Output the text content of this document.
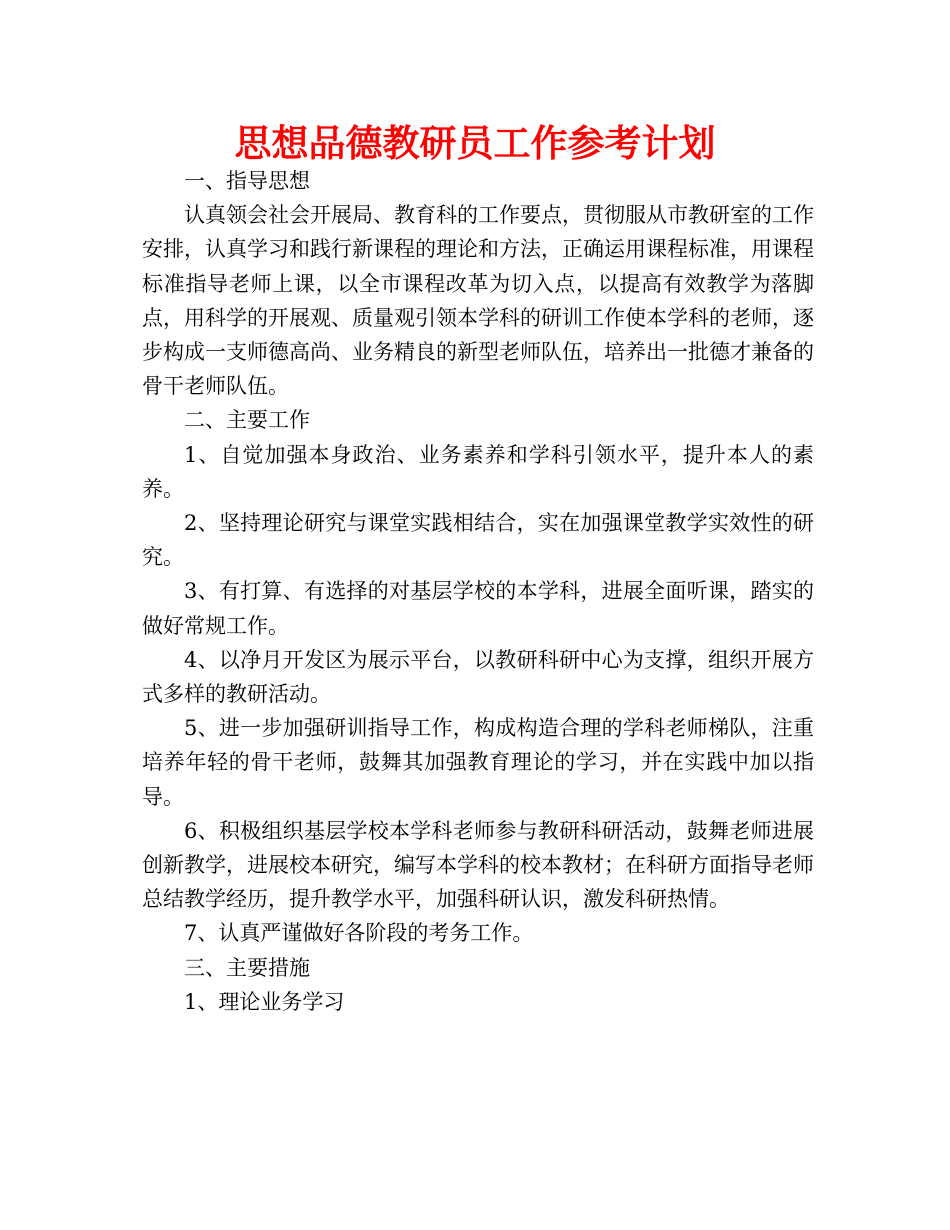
思想品德教研员工作参考计划

一、指导思想

认真领会社会开展局、教育科的工作要点，贯彻服从市教研室的工作安排，认真学习和践行新课程的理论和方法，正确运用课程标准，用课程标准指导老师上课，以全市课程改革为切入点，以提高有效教学为落脚点，用科学的开展观、质量观引领本学科的研训工作使本学科的老师，逐步构成一支师德高尚、业务精良的新型老师队伍，培养出一批德才兼备的骨干老师队伍。

二、主要工作

1、自觉加强本身政治、业务素养和学科引领水平，提升本人的素养。

2、坚持理论研究与课堂实践相结合，实在加强课堂教学实效性的研究。

3、有打算、有选择的对基层学校的本学科，进展全面听课，踏实的做好常规工作。

4、以净月开发区为展示平台，以教研科研中心为支撑，组织开展方式多样的教研活动。

5、进一步加强研训指导工作，构成构造合理的学科老师梯队，注重培养年轻的骨干老师，鼓舞其加强教育理论的学习，并在实践中加以指导。

6、积极组织基层学校本学科老师参与教研科研活动，鼓舞老师进展创新教学，进展校本研究，编写本学科的校本教材；在科研方面指导老师总结教学经历，提升教学水平，加强科研认识，激发科研热情。

7、认真严谨做好各阶段的考务工作。

三、主要措施

1、理论业务学习
